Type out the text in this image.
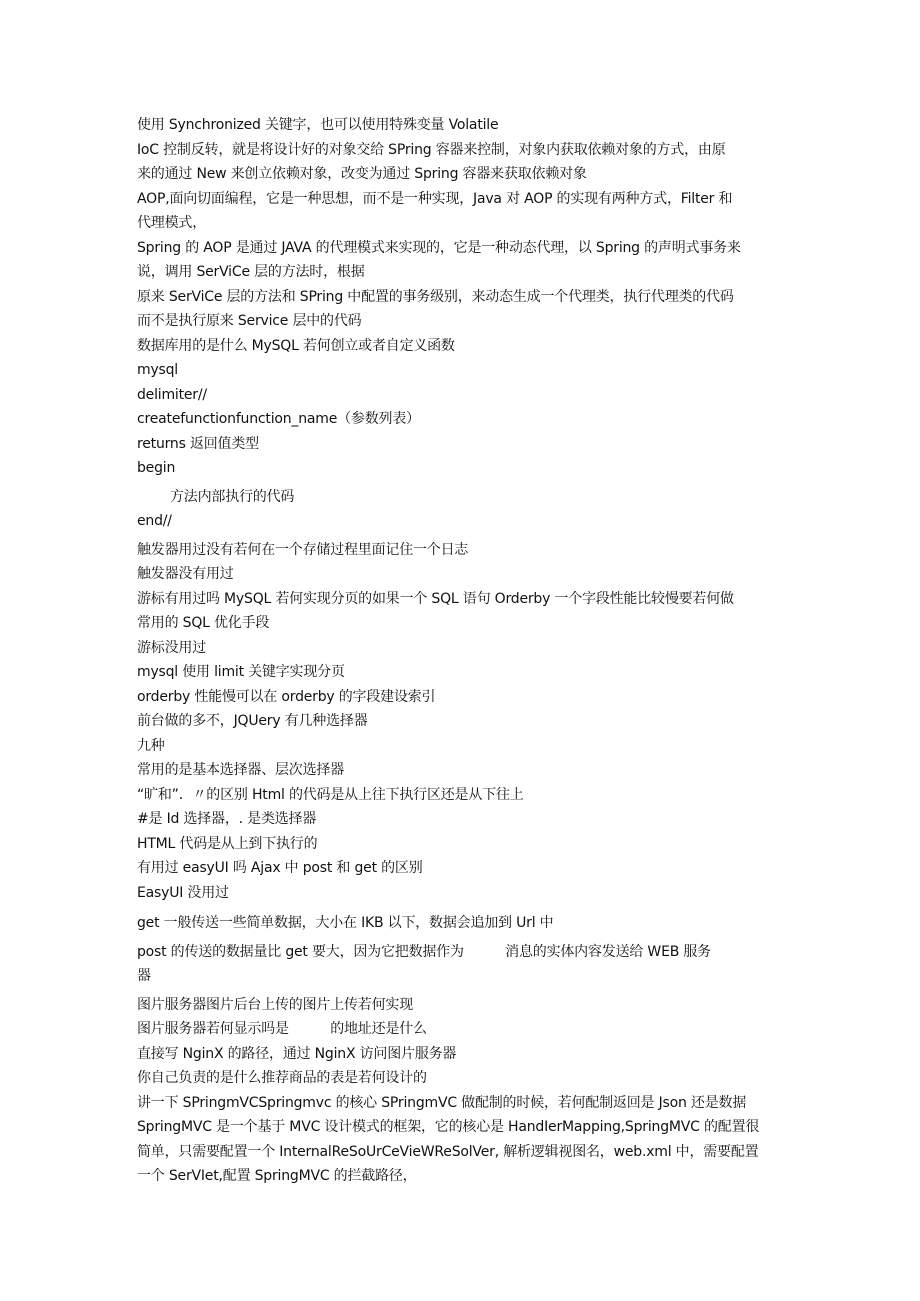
使用 Synchronized 关键字，也可以使用特殊变量 Volatile
IoC 控制反转，就是将设计好的对象交给 SPring 容器来控制，对象内获取依赖对象的方式，由原
来的通过 New 来创立依赖对象，改变为通过 Spring 容器来获取依赖对象
AOP,面向切面编程，它是一种思想，而不是一种实现，Java 对 AOP 的实现有两种方式，Filter 和
代理模式，
Spring 的 AOP 是通过 JAVA 的代理模式来实现的，它是一种动态代理，以 Spring 的声明式事务来
说，调用 SerViCe 层的方法时，根据
原来 SerViCe 层的方法和 SPring 中配置的事务级别，来动态生成一个代理类，执行代理类的代码
而不是执行原来 Service 层中的代码
数据库用的是什么 MySQL 若何创立或者自定义函数
mysql
delimiter//
createfunctionfunction_name（参数列表）
returns 返回值类型
begin
方法内部执行的代码
end//
触发器用过没有若何在一个存储过程里面记住一个日志
触发器没有用过
游标有用过吗 MySQL 若何实现分页的如果一个 SQL 语句 Orderby 一个字段性能比较慢要若何做
常用的 SQL 优化手段
游标没用过
mysql 使用 limit 关键字实现分页
orderby 性能慢可以在 orderby 的字段建设索引
前台做的多不，JQUery 有几种选择器
九种
常用的是基本选择器、层次选择器
“旷和”．〃的区别 Html 的代码是从上往下执行区还是从下往上
#是 Id 选择器，. 是类选择器
HTML 代码是从上到下执行的
有用过 easyUI 吗 Ajax 中 post 和 get 的区别
EasyUI 没用过
get 一般传送一些简单数据，大小在 IKB 以下，数据会追加到 Url 中
post 的传送的数据量比 get 要大，因为它把数据作为　　　消息的实体内容发送给 WEB 服务
器
图片服务器图片后台上传的图片上传若何实现
图片服务器若何显示吗是　　　的地址还是什么
直接写 NginX 的路径，通过 NginX 访问图片服务器
你自己负责的是什么推荐商品的表是若何设计的
讲一下 SPringmVCSpringmvc 的核心 SPringmVC 做配制的时候，若何配制返回是 Json 还是数据
SpringMVC 是一个基于 MVC 设计模式的框架，它的核心是 HandIerMapping,SpringMVC 的配置很
简单，只需要配置一个 InternalReSoUrCeVieWReSolVer, 解析逻辑视图名，web.xml 中，需要配置
一个 SerVIet,配置 SpringMVC 的拦截路径，
